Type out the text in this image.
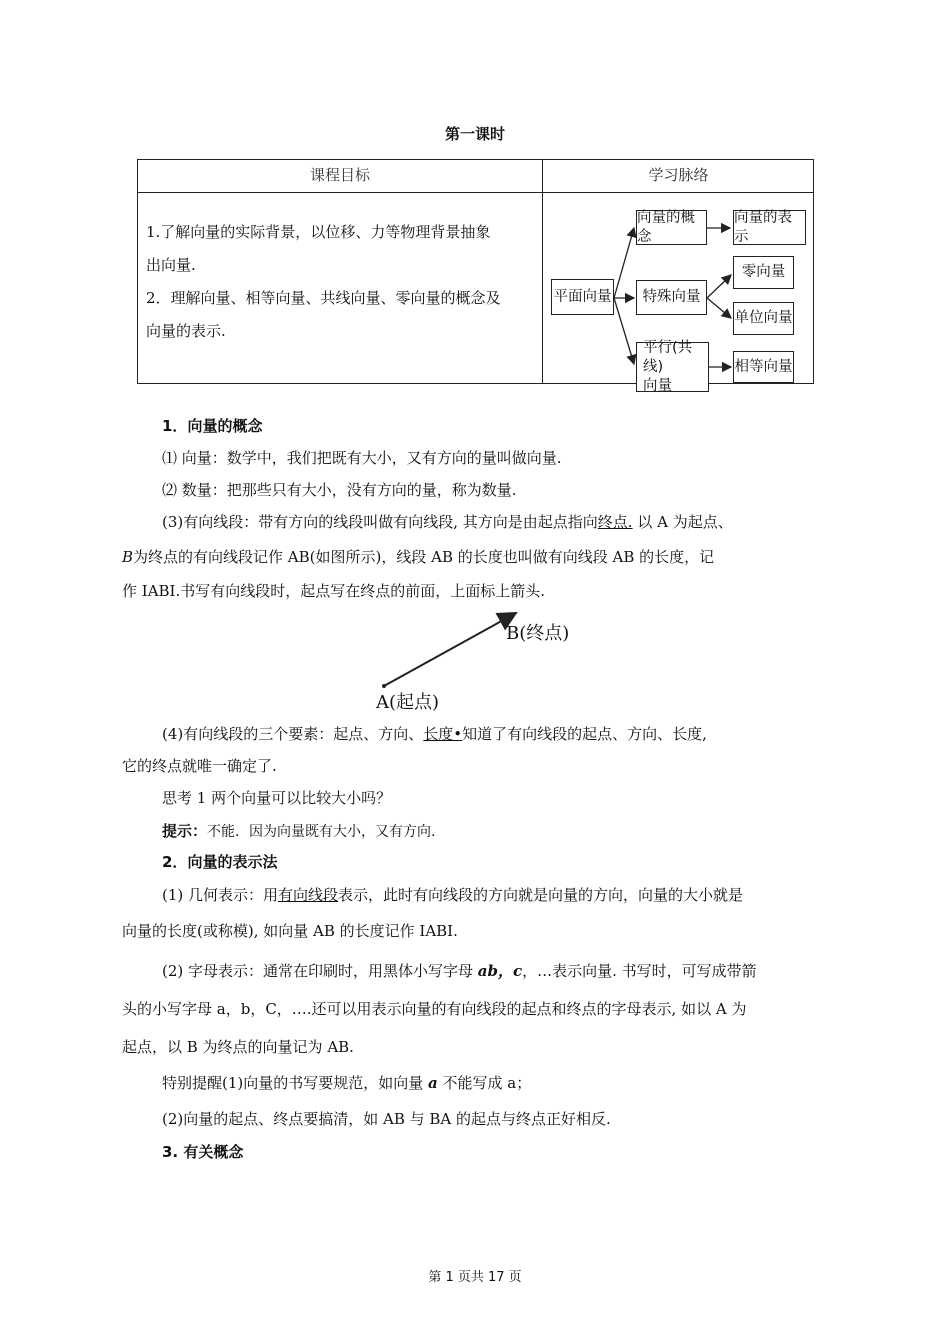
第一课时
课程目标	学习脉络
1.了解向量的实际背景，以位移、力等物理背景抽象
出向量.
2．理解向量、相等向量、共线向量、零向量的概念及
向量的表示.
平面向量
向量的概念
向量的表示
特殊向量
零向量
单位向量
平行(共线)
向量
相等向量
1．向量的概念
⑴ 向量：数学中，我们把既有大小，又有方向的量叫做向量.
⑵ 数量：把那些只有大小，没有方向的量，称为数量.
(3)有向线段：带有方向的线段叫做有向线段, 其方向是由起点指向终点. 以 A 为起点、
B为终点的有向线段记作 AB(如图所示)，线段 AB 的长度也叫做有向线段 AB 的长度，记
作 IABI.书写有向线段时，起点写在终点的前面，上面标上箭头.
B(终点)
A(起点)
(4)有向线段的三个要素：起点、方向、长度•知道了有向线段的起点、方向、长度,
它的终点就唯一确定了.
思考 1 两个向量可以比较大小吗？
提示：不能．因为向量既有大小，又有方向.
2．向量的表示法
(1) 几何表示：用有向线段表示，此时有向线段的方向就是向量的方向，向量的大小就是
向量的长度(或称模), 如向量 AB 的长度记作 IABI.
(2) 字母表示：通常在印刷时，用黑体小写字母 ab，c，…表示向量. 书写时，可写成带箭
头的小写字母 a，b，C，….还可以用表示向量的有向线段的起点和终点的字母表示, 如以 A 为
起点，以 B 为终点的向量记为 AB.
特别提醒(1)向量的书写要规范，如向量 a 不能写成 a；
(2)向量的起点、终点要搞清，如 AB 与 BA 的起点与终点正好相反.
3. 有关概念
第 1 页共 17 页
